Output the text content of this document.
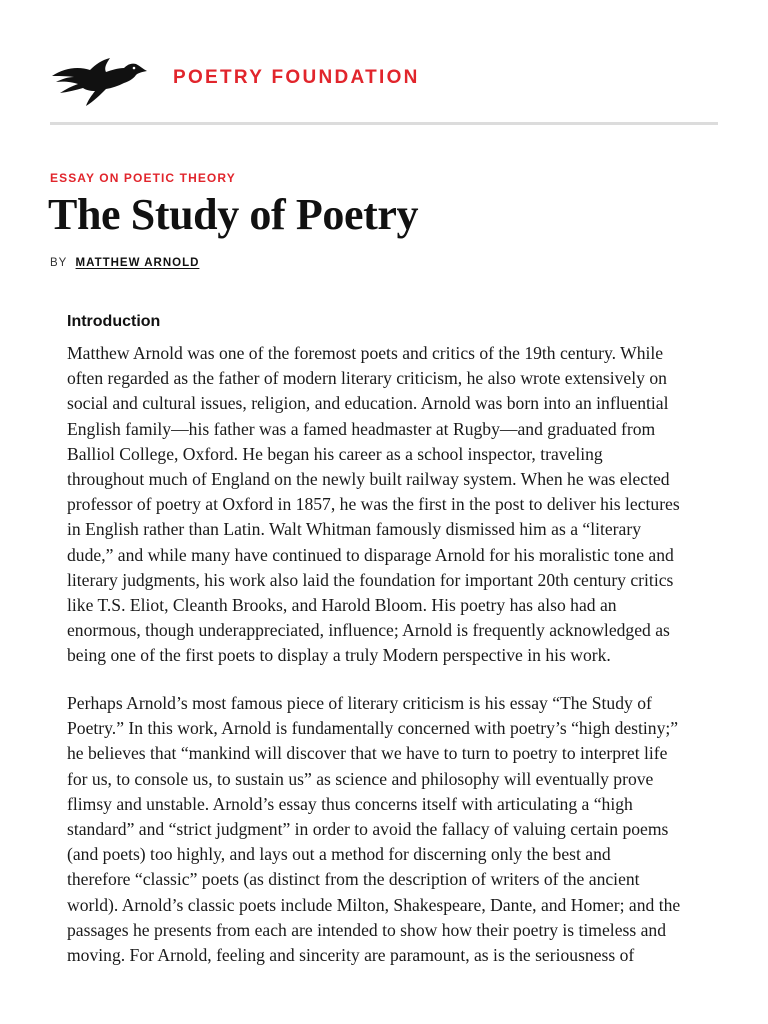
POETRY FOUNDATION
ESSAY ON POETIC THEORY
The Study of Poetry
BY MATTHEW ARNOLD
Introduction
Matthew Arnold was one of the foremost poets and critics of the 19th century. While
often regarded as the father of modern literary criticism, he also wrote extensively on
social and cultural issues, religion, and education. Arnold was born into an influential
English family—his father was a famed headmaster at Rugby—and graduated from
Balliol College, Oxford. He began his career as a school inspector, traveling
throughout much of England on the newly built railway system. When he was elected
professor of poetry at Oxford in 1857, he was the first in the post to deliver his lectures
in English rather than Latin. Walt Whitman famously dismissed him as a “literary
dude,” and while many have continued to disparage Arnold for his moralistic tone and
literary judgments, his work also laid the foundation for important 20th century critics
like T.S. Eliot, Cleanth Brooks, and Harold Bloom. His poetry has also had an
enormous, though underappreciated, influence; Arnold is frequently acknowledged as
being one of the first poets to display a truly Modern perspective in his work.
Perhaps Arnold’s most famous piece of literary criticism is his essay “The Study of
Poetry.” In this work, Arnold is fundamentally concerned with poetry’s “high destiny;”
he believes that “mankind will discover that we have to turn to poetry to interpret life
for us, to console us, to sustain us” as science and philosophy will eventually prove
flimsy and unstable. Arnold’s essay thus concerns itself with articulating a “high
standard” and “strict judgment” in order to avoid the fallacy of valuing certain poems
(and poets) too highly, and lays out a method for discerning only the best and
therefore “classic” poets (as distinct from the description of writers of the ancient
world). Arnold’s classic poets include Milton, Shakespeare, Dante, and Homer; and the
passages he presents from each are intended to show how their poetry is timeless and
moving. For Arnold, feeling and sincerity are paramount, as is the seriousness of
